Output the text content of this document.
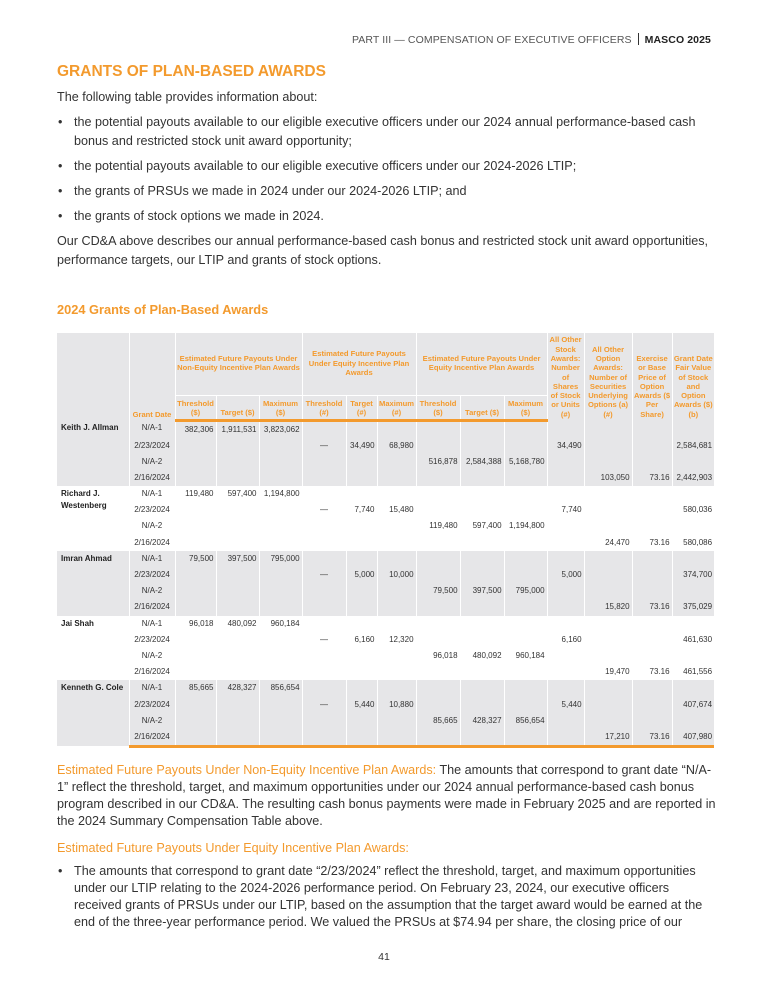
PART III — COMPENSATION OF EXECUTIVE OFFICERS MASCO 2025
GRANTS OF PLAN-BASED AWARDS

The following table provides information about:

• the potential payouts available to our eligible executive officers under our 2024 annual performance-based cash bonus and restricted stock unit award opportunity;
• the potential payouts available to our eligible executive officers under our 2024-2026 LTIP;
• the grants of PRSUs we made in 2024 under our 2024-2026 LTIP; and
• the grants of stock options we made in 2024.

Our CD&A above describes our annual performance-based cash bonus and restricted stock unit award opportunities, performance targets, our LTIP and grants of stock options.

2024 Grants of Plan-Based Awards
	Grant Date	Estimated Future Payouts Under Non-Equity Incentive Plan Awards			Estimated Future Payouts Under Equity Incentive Plan Awards			Estimated Future Payouts Under Equity Incentive Plan Awards			All Other Stock Awards: Number of Shares of Stock or Units (#)	All Other Option Awards: Number of Securities Underlying Options (a) (#)	Exercise or Base Price of Option Awards ($ Per Share)	Grant Date Fair Value of Stock and Option Awards ($) (b)
		Threshold ($)	Target ($)	Maximum ($)	Threshold (#)	Target (#)	Maximum (#)	Threshold ($)	Target ($)	Maximum ($)				
Keith J. Allman	N/A-1	382,306	1,911,531	3,823,062										
	2/23/2024				—	34,490	68,980				34,490			2,584,681
	N/A-2							516,878	2,584,388	5,168,780				
	2/16/2024											103,050	73.16	2,442,903
Richard J. Westenberg	N/A-1	119,480	597,400	1,194,800										
	2/23/2024				—	7,740	15,480				7,740			580,036
	N/A-2							119,480	597,400	1,194,800				
	2/16/2024											24,470	73.16	580,086
Imran Ahmad	N/A-1	79,500	397,500	795,000										
	2/23/2024				—	5,000	10,000				5,000			374,700
	N/A-2							79,500	397,500	795,000				
	2/16/2024											15,820	73.16	375,029
Jai Shah	N/A-1	96,018	480,092	960,184										
	2/23/2024				—	6,160	12,320				6,160			461,630
	N/A-2							96,018	480,092	960,184				
	2/16/2024											19,470	73.16	461,556
Kenneth G. Cole	N/A-1	85,665	428,327	856,654										
	2/23/2024				—	5,440	10,880				5,440			407,674
	N/A-2							85,665	428,327	856,654				
	2/16/2024											17,210	73.16	407,980

Estimated Future Payouts Under Non-Equity Incentive Plan Awards: The amounts that correspond to grant date “N/A-1” reflect the threshold, target, and maximum opportunities under our 2024 annual performance-based cash bonus program described in our CD&A. The resulting cash bonus payments were made in February 2025 and are reported in the 2024 Summary Compensation Table above.

Estimated Future Payouts Under Equity Incentive Plan Awards:

• The amounts that correspond to grant date “2/23/2024” reflect the threshold, target, and maximum opportunities under our LTIP relating to the 2024-2026 performance period. On February 23, 2024, our executive officers received grants of PRSUs under our LTIP, based on the assumption that the target award would be earned at the end of the three-year performance period. We valued the PRSUs at $74.94 per share, the closing price of our
41
